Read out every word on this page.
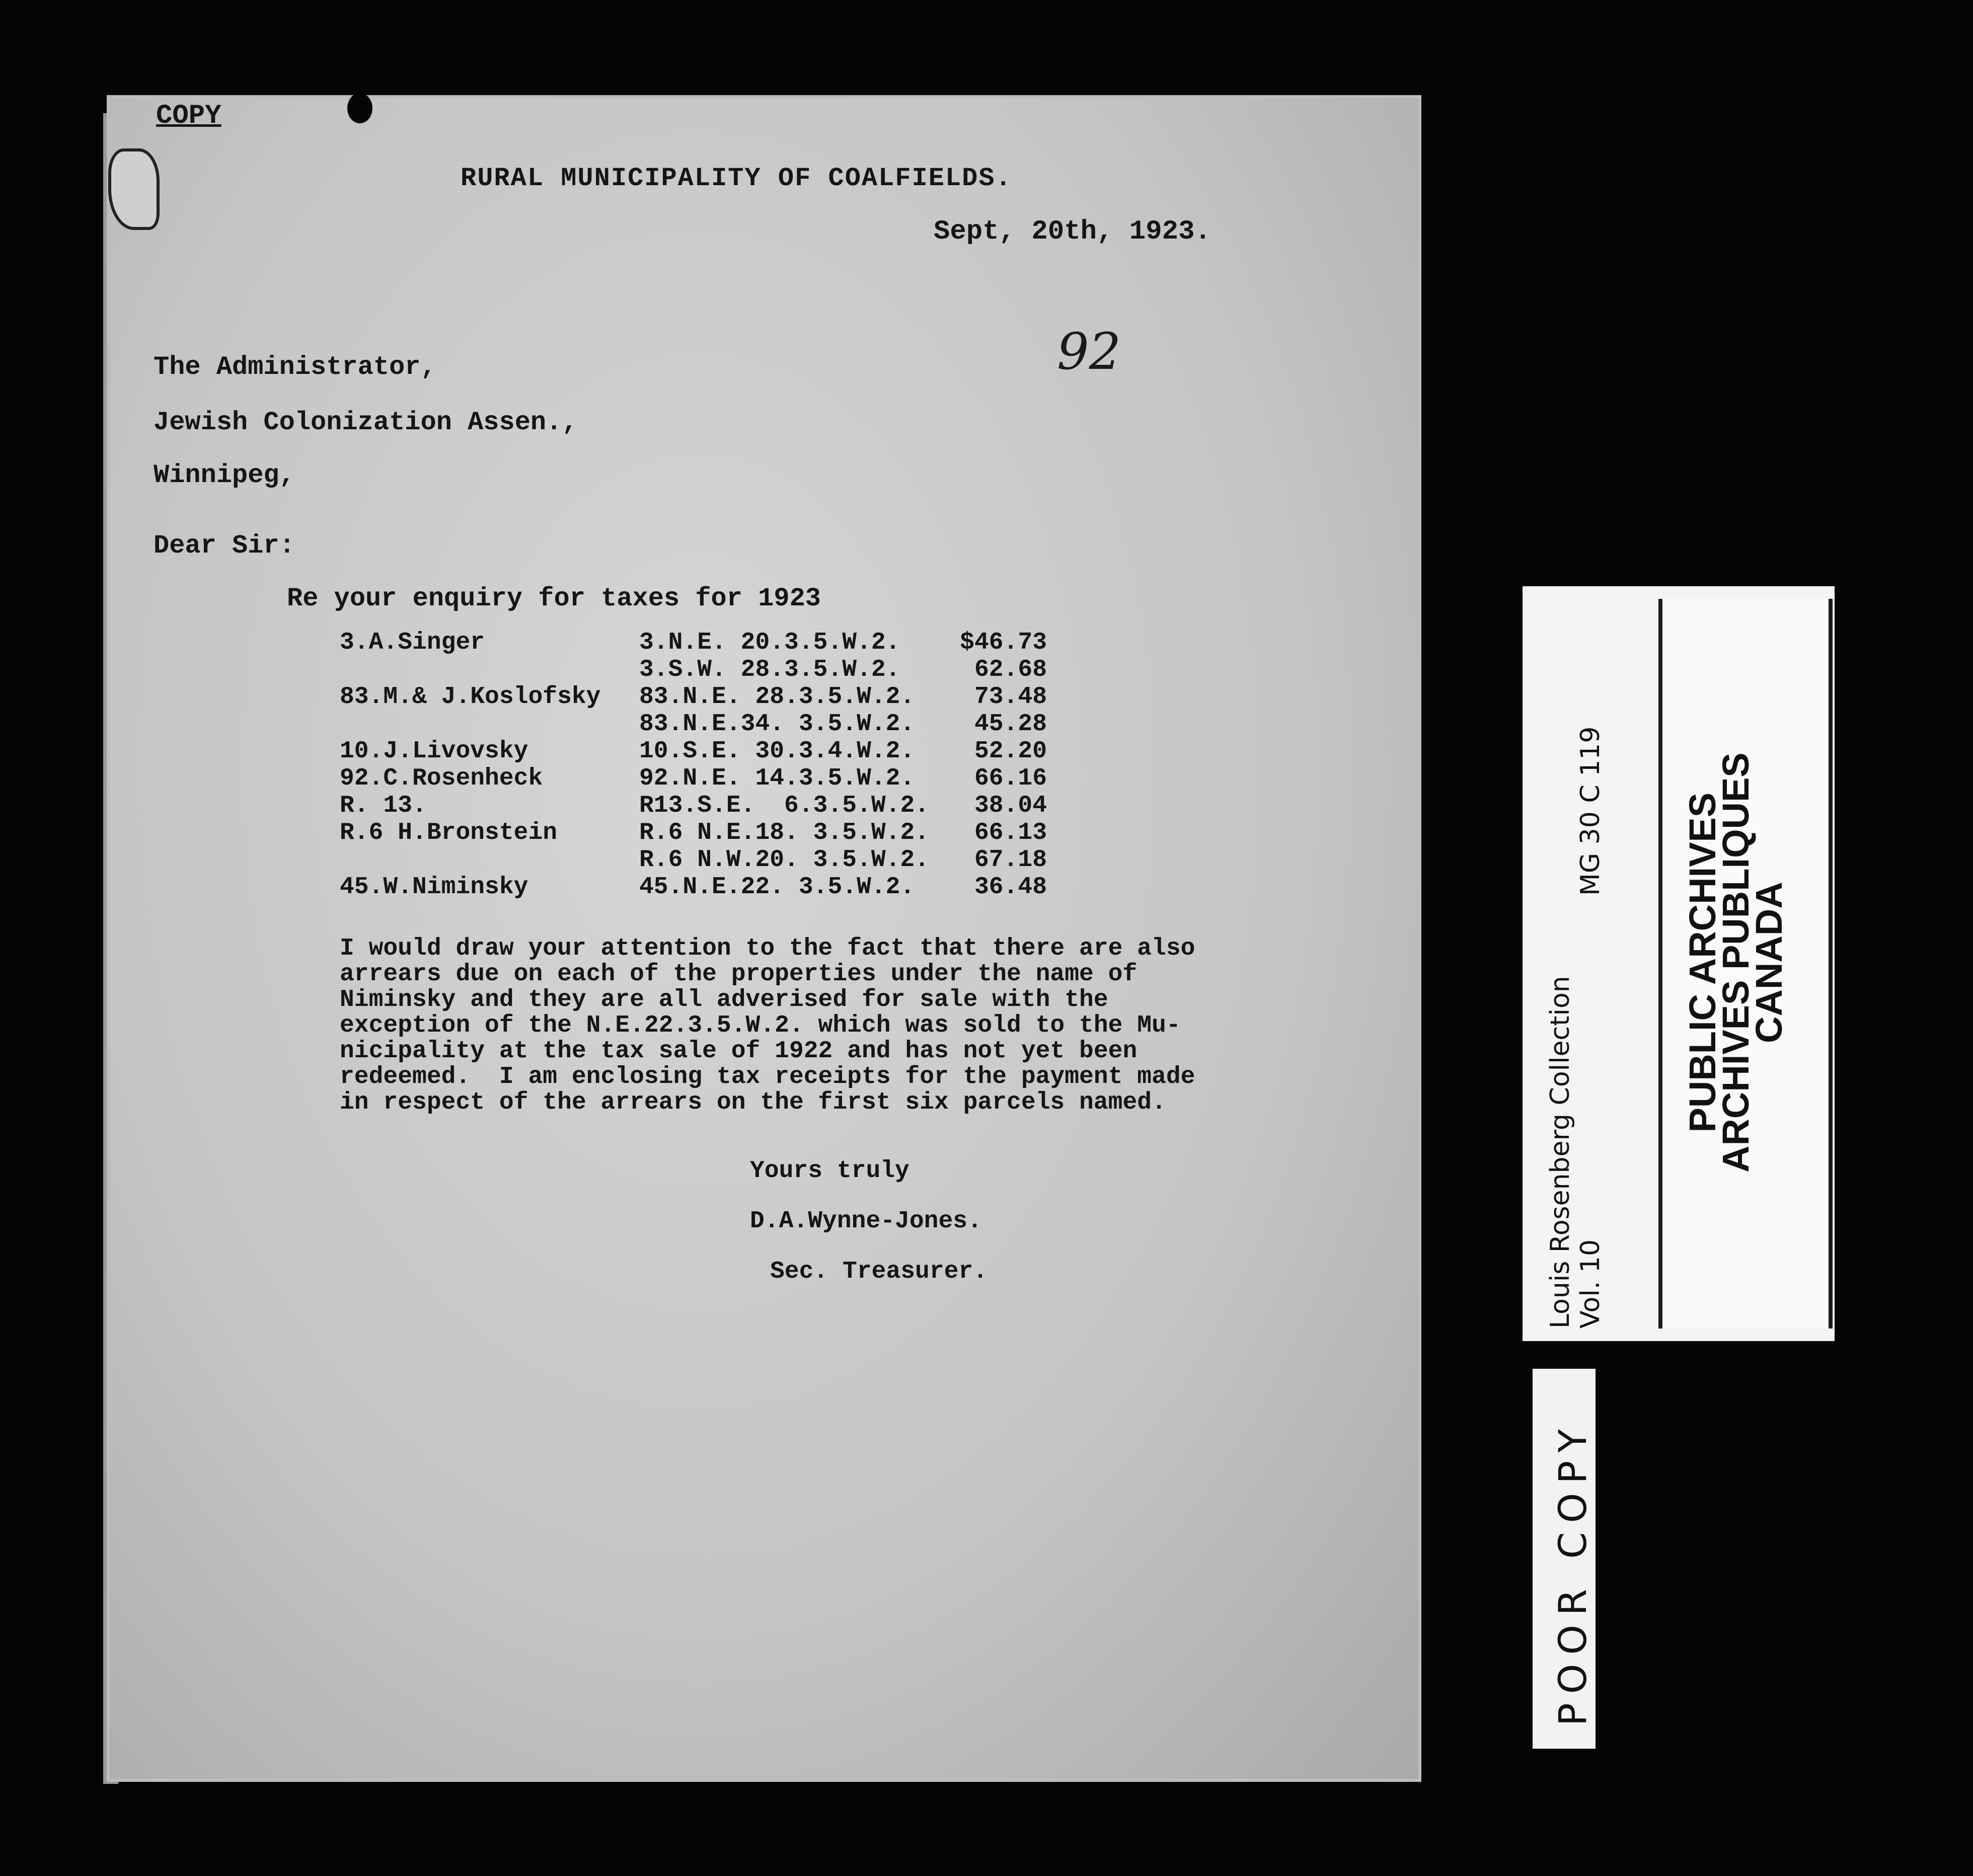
COPY
RURAL MUNICIPALITY OF COALFIELDS.
Sept, 20th, 1923.
The Administrator,
Jewish Colonization Assen.,
Winnipeg,
92
Dear Sir:
Re your enquiry for taxes for 1923
3.A.Singer	3.N.E. 20.3.5.W.2.	$46.73
	3.S.W. 28.3.5.W.2.	62.68
83.M.& J.Koslofsky	83.N.E. 28.3.5.W.2.	73.48
	83.N.E.34. 3.5.W.2.	45.28
10.J.Livovsky	10.S.E. 30.3.4.W.2.	52.20
92.C.Rosenheck	92.N.E. 14.3.5.W.2.	66.16
R. 13.	R13.S.E.  6.3.5.W.2.	38.04
R.6 H.Bronstein	R.6 N.E.18. 3.5.W.2.	66.13
	R.6 N.W.20. 3.5.W.2.	67.18
45.W.Niminsky	45.N.E.22. 3.5.W.2.	36.48
I would draw your attention to the fact that there are also
arrears due on each of the properties under the name of
Niminsky and they are all adverised for sale with the
exception of the N.E.22.3.5.W.2. which was sold to the Mu-
nicipality at the tax sale of 1922 and has not yet been
redeemed.  I am enclosing tax receipts for the payment made
in respect of the arrears on the first six parcels named.
Yours truly
D.A.Wynne-Jones.
Sec. Treasurer.	Louis Rosenberg Collection Vol. 10
MG 30 C 119 PUBLIC ARCHIVES
ARCHIVES PUBLIQUES
CANADA
POOR COPY
